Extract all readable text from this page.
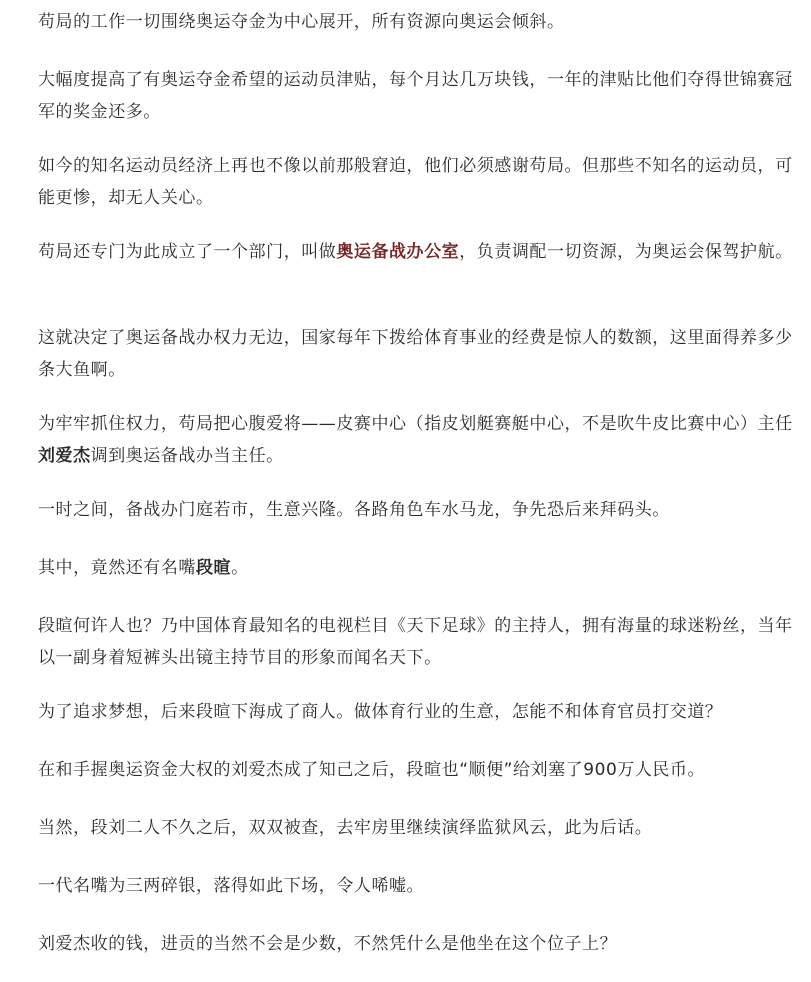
苟局的工作一切围绕奥运夺金为中心展开，所有资源向奥运会倾斜。

大幅度提高了有奥运夺金希望的运动员津贴，每个月达几万块钱，一年的津贴比他们夺得世锦赛冠军的奖金还多。

如今的知名运动员经济上再也不像以前那般窘迫，他们必须感谢苟局。但那些不知名的运动员，可能更惨，却无人关心。

苟局还专门为此成立了一个部门，叫做奥运备战办公室，负责调配一切资源，为奥运会保驾护航。

这就决定了奥运备战办权力无边，国家每年下拨给体育事业的经费是惊人的数额，这里面得养多少条大鱼啊。

为牢牢抓住权力，苟局把心腹爱将——皮赛中心（指皮划艇赛艇中心，不是吹牛皮比赛中心）主任刘爱杰调到奥运备战办当主任。

一时之间，备战办门庭若市，生意兴隆。各路角色车水马龙，争先恐后来拜码头。

其中，竟然还有名嘴段暄。

段暄何许人也？乃中国体育最知名的电视栏目《天下足球》的主持人，拥有海量的球迷粉丝，当年以一副身着短裤头出镜主持节目的形象而闻名天下。

为了追求梦想，后来段暄下海成了商人。做体育行业的生意，怎能不和体育官员打交道？

在和手握奥运资金大权的刘爱杰成了知己之后，段暄也“顺便”给刘塞了900万人民币。

当然，段刘二人不久之后，双双被查，去牢房里继续演绎监狱风云，此为后话。

一代名嘴为三两碎银，落得如此下场，令人唏嘘。

刘爱杰收的钱，进贡的当然不会是少数，不然凭什么是他坐在这个位子上？
